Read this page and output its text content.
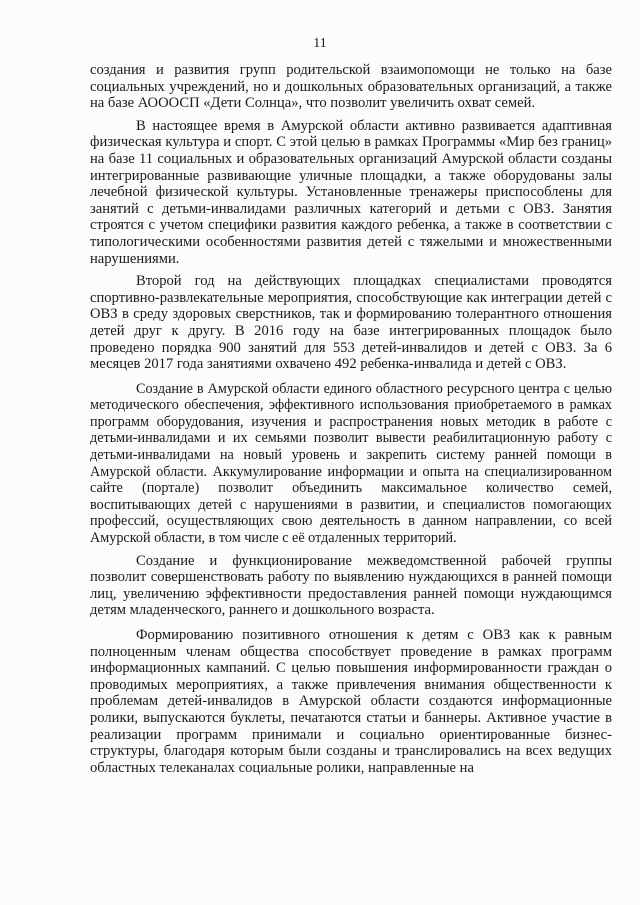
11

создания и развития групп родительской взаимопомощи не только на базе социальных учреждений, но и дошкольных образовательных организаций, а также на базе АОООСП «Дети Солнца», что позволит увеличить охват семей.

В настоящее время в Амурской области активно развивается адаптивная физическая культура и спорт. С этой целью в рамках Программы «Мир без границ» на базе 11 социальных и образовательных организаций Амурской области созданы интегрированные развивающие уличные площадки, а также оборудованы залы лечебной физической культуры. Установленные тренажеры приспособлены для занятий с детьми-инвалидами различных категорий и детьми с ОВЗ. Занятия строятся с учетом специфики развития каждого ребенка, а также в соответствии с типологическими особенностями развития детей с тяжелыми и множественными нарушениями.

Второй год на действующих площадках специалистами проводятся спортивно-развлекательные мероприятия, способствующие как интеграции детей с ОВЗ в среду здоровых сверстников, так и формированию толерантного отношения детей друг к другу. В 2016 году на базе интегрированных площадок было проведено порядка 900 занятий для 553 детей-инвалидов и детей с ОВЗ. За 6 месяцев 2017 года занятиями охвачено 492 ребенка-инвалида и детей с ОВЗ.

Создание в Амурской области единого областного ресурсного центра с целью методического обеспечения, эффективного использования приобретаемого в рамках программ оборудования, изучения и распространения новых методик в работе с детьми-инвалидами и их семьями позволит вывести реабилитационную работу с детьми-инвалидами на новый уровень и закрепить систему ранней помощи в Амурской области. Аккумулирование информации и опыта на специализированном сайте (портале) позволит объединить максимальное количество семей, воспитывающих детей с нарушениями в развитии, и специалистов помогающих профессий, осуществляющих свою деятельность в данном направлении, со всей Амурской области, в том числе с её отдаленных территорий.

Создание и функционирование межведомственной рабочей группы позволит совершенствовать работу по выявлению нуждающихся в ранней помощи лиц, увеличению эффективности предоставления ранней помощи нуждающимся детям младенческого, раннего и дошкольного возраста.

Формированию позитивного отношения к детям с ОВЗ как к равным полноценным членам общества способствует проведение в рамках программ информационных кампаний. С целью повышения информированности граждан о проводимых мероприятиях, а также привлечения внимания общественности к проблемам детей-инвалидов в Амурской области создаются информационные ролики, выпускаются буклеты, печатаются статьи и баннеры. Активное участие в реализации программ принимали и социально ориентированные бизнес-структуры, благодаря которым были созданы и транслировались на всех ведущих областных телеканалах социальные ролики, направленные на
